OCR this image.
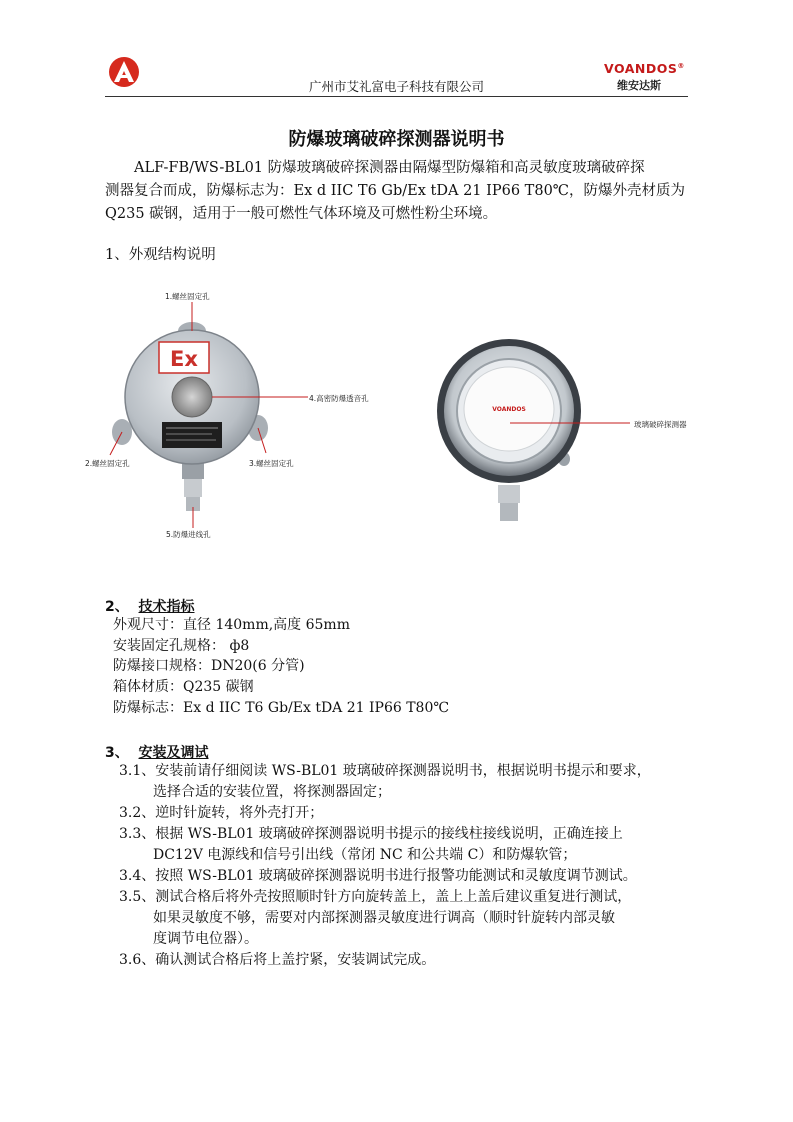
A	广州市艾礼富电子科技有限公司
VOANDOS®
维安达斯
防爆玻璃破碎探测器说明书
ALF-FB/WS-BL01 防爆玻璃破碎探测器由隔爆型防爆箱和高灵敏度玻璃破碎探
测器复合而成，防爆标志为：Ex d IIC T6 Gb/Ex tDA 21 IP66 T80℃，防爆外壳材质为
Q235 碳钢，适用于一般可燃性气体环境及可燃性粉尘环境。
1、外观结构说明
Ex
1.螺丝固定孔
4.高密防爆透音孔
2.螺丝固定孔	3.螺丝固定孔
5.防爆进线孔
VOANDOS
玻璃破碎探测器
2、 技术指标
外观尺寸：直径 140mm,高度 65mm
安装固定孔规格： ф8
防爆接口规格：DN20(6 分管)
箱体材质：Q235 碳钢
防爆标志：Ex d IIC T6 Gb/Ex tDA 21 IP66 T80℃
3、 安装及调试
3.1、安装前请仔细阅读 WS-BL01 玻璃破碎探测器说明书，根据说明书提示和要求，
选择合适的安装位置，将探测器固定；
3.2、逆时针旋转，将外壳打开；
3.3、根据 WS-BL01 玻璃破碎探测器说明书提示的接线柱接线说明，正确连接上
DC12V 电源线和信号引出线（常闭 NC 和公共端 C）和防爆软管；
3.4、按照 WS-BL01 玻璃破碎探测器说明书进行报警功能测试和灵敏度调节测试。
3.5、测试合格后将外壳按照顺时针方向旋转盖上，盖上上盖后建议重复进行测试，
如果灵敏度不够，需要对内部探测器灵敏度进行调高（顺时针旋转内部灵敏
度调节电位器）。
3.6、确认测试合格后将上盖拧紧，安装调试完成。
